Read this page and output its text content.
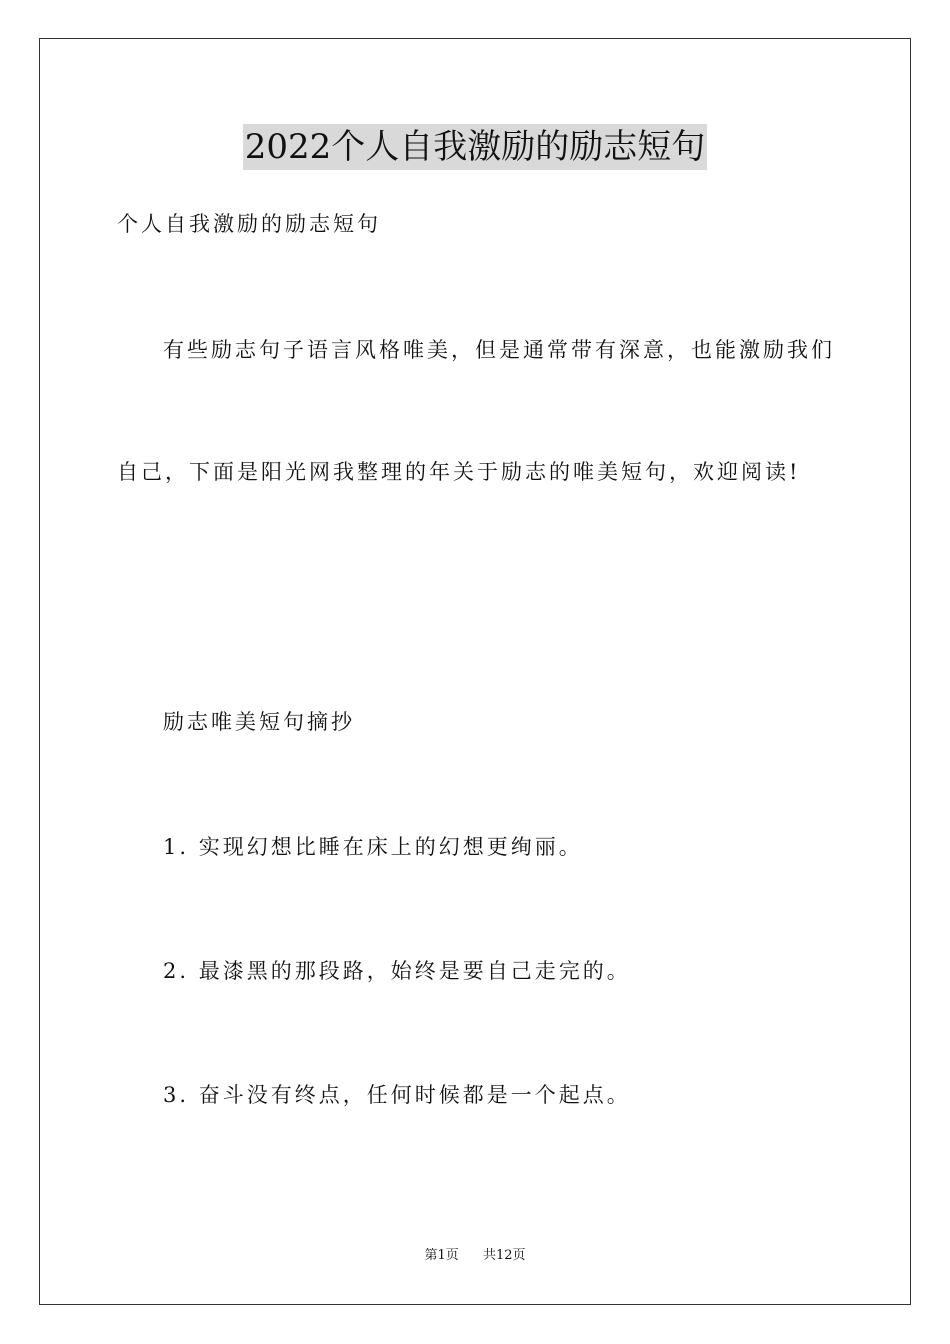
2022个人自我激励的励志短句
个人自我激励的励志短句
有些励志句子语言风格唯美，但是通常带有深意，也能激励我们
自己，下面是阳光网我整理的年关于励志的唯美短句，欢迎阅读!
励志唯美短句摘抄
1. 实现幻想比睡在床上的幻想更绚丽。
2. 最漆黑的那段路，始终是要自己走完的。
3. 奋斗没有终点，任何时候都是一个起点。
第1页 共12页
